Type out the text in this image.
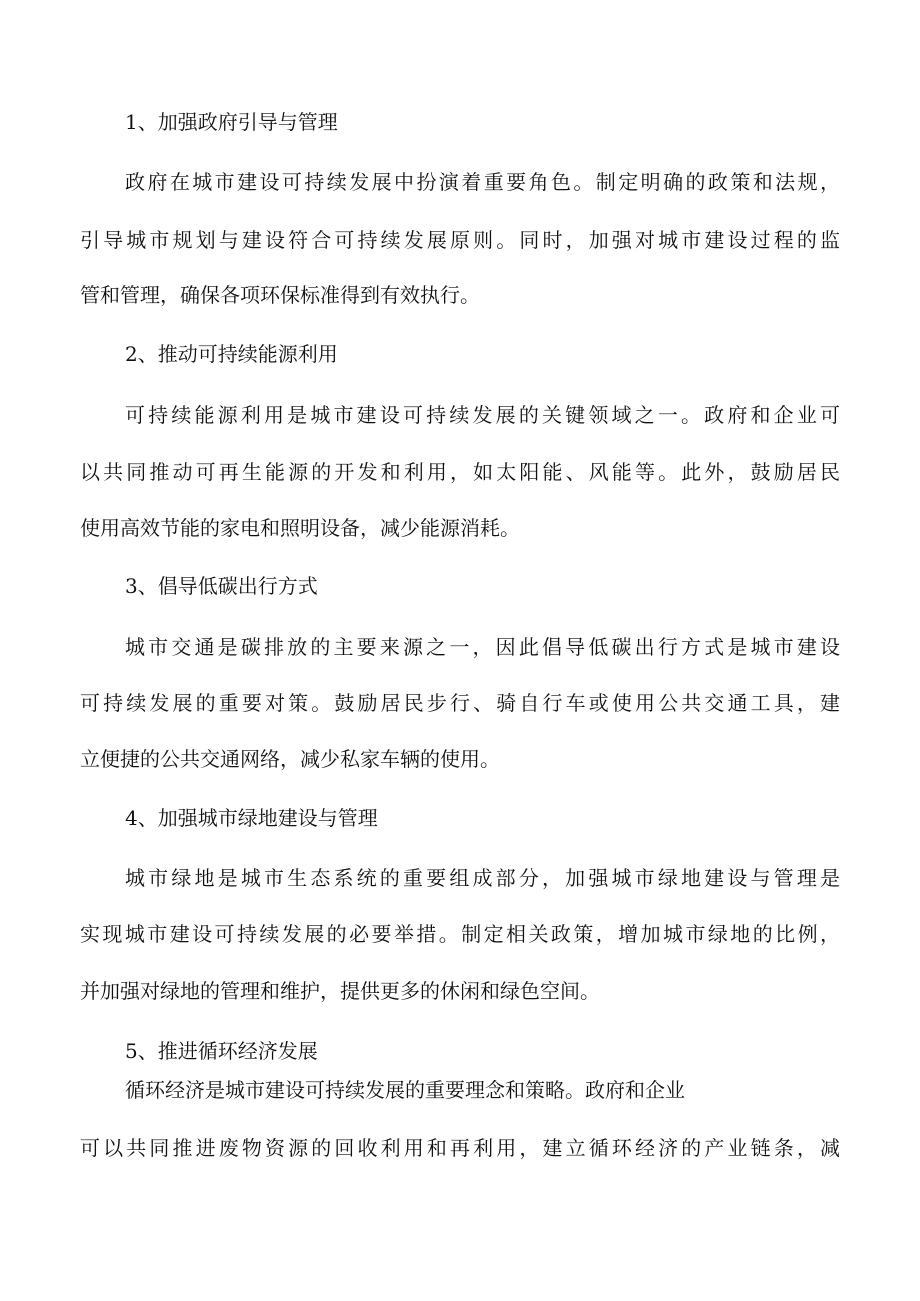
1、加强政府引导与管理
政府在城市建设可持续发展中扮演着重要角色。制定明确的政策和法规，
引导城市规划与建设符合可持续发展原则。同时，加强对城市建设过程的监
管和管理，确保各项环保标准得到有效执行。
2、推动可持续能源利用
可持续能源利用是城市建设可持续发展的关键领域之一。政府和企业可
以共同推动可再生能源的开发和利用，如太阳能、风能等。此外，鼓励居民
使用高效节能的家电和照明设备，减少能源消耗。
3、倡导低碳出行方式
城市交通是碳排放的主要来源之一，因此倡导低碳出行方式是城市建设
可持续发展的重要对策。鼓励居民步行、骑自行车或使用公共交通工具，建
立便捷的公共交通网络，减少私家车辆的使用。
4、加强城市绿地建设与管理
城市绿地是城市生态系统的重要组成部分，加强城市绿地建设与管理是
实现城市建设可持续发展的必要举措。制定相关政策，增加城市绿地的比例，
并加强对绿地的管理和维护，提供更多的休闲和绿色空间。
5、推进循环经济发展
循环经济是城市建设可持续发展的重要理念和策略。政府和企业
可以共同推进废物资源的回收利用和再利用，建立循环经济的产业链条，减
